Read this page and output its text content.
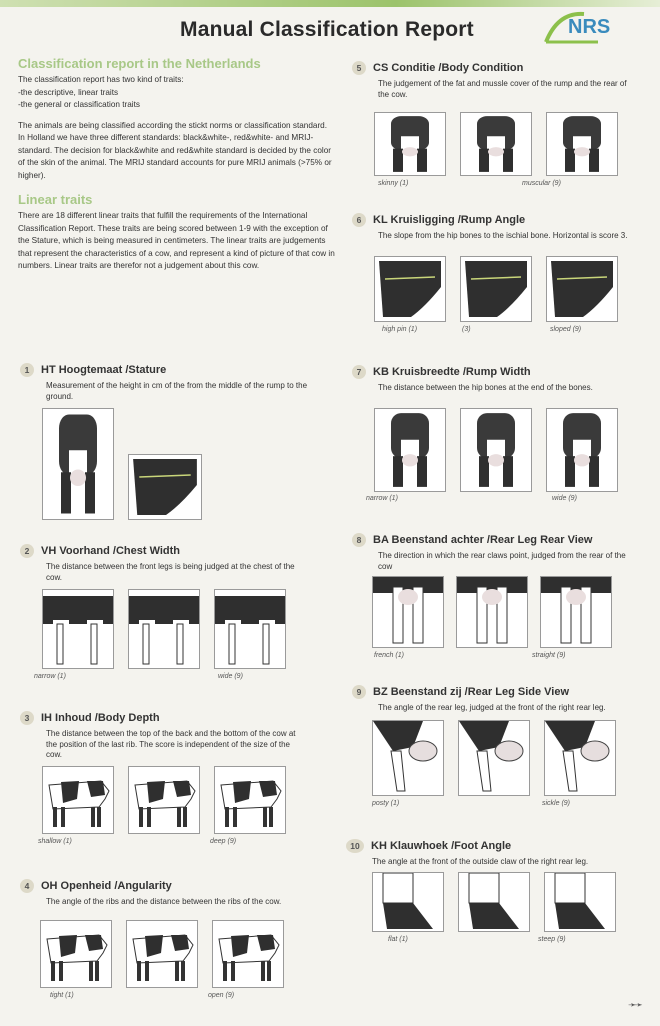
Manual Classification Report	NRS
Classification report in the Netherlands
The classification report has two kind of traits:
-the descriptive, linear traits
-the general or classification traits
The animals are being classified according the stickt norms or classification standard. In Holland we have three different standards: black&white-, red&white- and MRIJ-standard. The decision for black&white and red&white standard is decided by the color of the skin of the animal. The MRIJ standard accounts for pure MRIJ animals (>75% or higher).
Linear traits
There are 18 different linear traits that fulfill the requirements of the International Classification Report. These traits are being scored between 1-9 with the exception of the Stature, which is being measured in centimeters. The linear traits are judgements that represent the characteristics of a cow, and represent a kind of picture of that cow in numbers. Linear traits are therefor not a judgement about this cow.
1	HT Hoogtemaat /Stature
Measurement of the height in cm of the from the middle of the rump to the ground.
2	VH Voorhand /Chest Width
The distance between the front legs is being judged at the chest of the cow.
narrow (1)	wide (9)
3	IH Inhoud /Body Depth
The distance between the top of the back and the bottom of the cow at the position of the last rib. The score is independent of the size of the cow.
shallow (1)	deep (9)
4	OH Openheid /Angularity
The angle of the ribs and the distance between the ribs of the cow.
tight (1)	open (9)
5	CS Conditie /Body Condition
The judgement of the fat and mussle cover of the rump and the rear of the cow.
skinny (1)	muscular (9)
6	KL Kruisligging /Rump Angle
The slope from the hip bones to the ischial bone. Horizontal is score 3.
high pin (1)	(3)	sloped (9)
7	KB Kruisbreedte /Rump Width
The distance between the hip bones at the end of the bones.
narrow (1)	wide (9)
8	BA Beenstand achter /Rear Leg Rear View
The direction in which the rear claws point, judged from the rear of the cow
french (1)	straight (9)
9	BZ Beenstand zij /Rear Leg Side View
The angle of the rear leg, judged at the front of the right rear leg.
posty (1)	sickle (9)
10	KH Klauwhoek /Foot Angle
The angle at the front of the outside claw of the right rear leg.
flat (1)	steep (9)
➛➛
